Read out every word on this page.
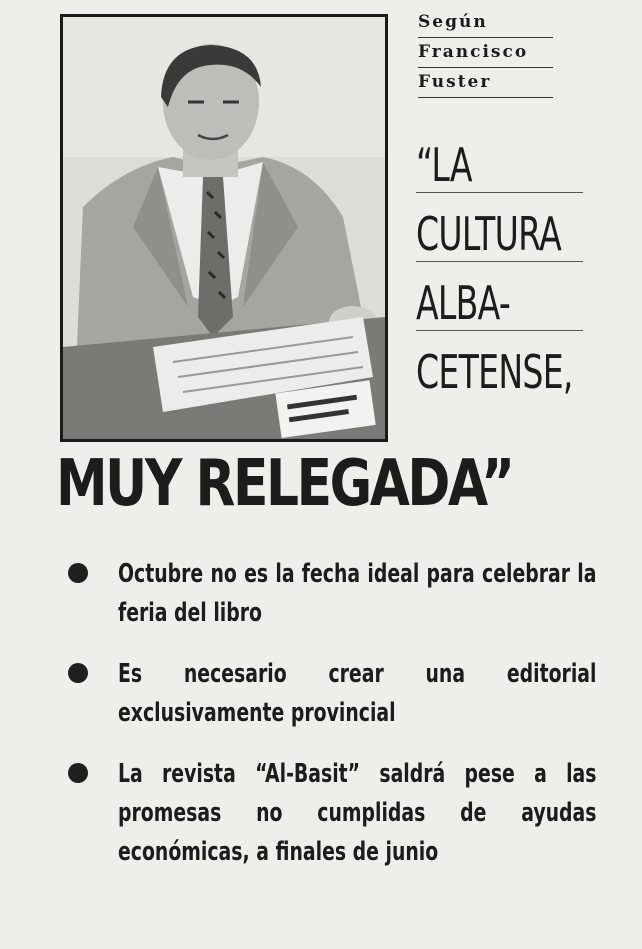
Según
Francisco
Fuster
“LA
CULTURA
ALBA-
CETENSE,
MUY RELEGADA”
Octubre no es la fecha ideal para celebrar la feria del libro
Es necesario crear una editorial exclusivamente provincial
La revista “Al-Basit” saldrá pese a las promesas no cumplidas de ayudas económicas, a finales de junio
